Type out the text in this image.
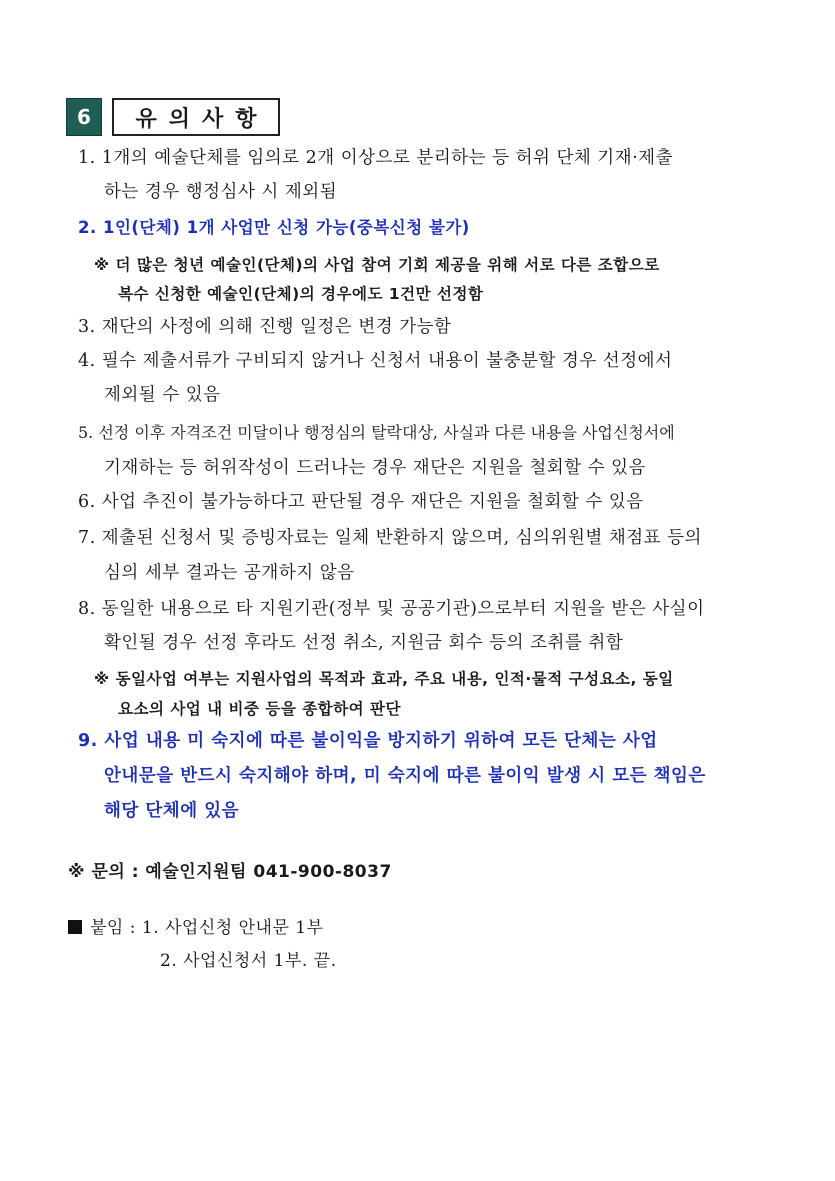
6	유의사항
1. 1개의 예술단체를 임의로 2개 이상으로 분리하는 등 허위 단체 기재·제출
하는 경우 행정심사 시 제외됨
2. 1인(단체) 1개 사업만 신청 가능(중복신청 불가)
※ 더 많은 청년 예술인(단체)의 사업 참여 기회 제공을 위해 서로 다른 조합으로
복수 신청한 예술인(단체)의 경우에도 1건만 선정함
3. 재단의 사정에 의해 진행 일정은 변경 가능함
4. 필수 제출서류가 구비되지 않거나 신청서 내용이 불충분할 경우 선정에서
제외될 수 있음
5. 선정 이후 자격조건 미달이나 행정심의 탈락대상, 사실과 다른 내용을 사업신청서에
기재하는 등 허위작성이 드러나는 경우 재단은 지원을 철회할 수 있음
6. 사업 추진이 불가능하다고 판단될 경우 재단은 지원을 철회할 수 있음
7. 제출된 신청서 및 증빙자료는 일체 반환하지 않으며, 심의위원별 채점표 등의
심의 세부 결과는 공개하지 않음
8. 동일한 내용으로 타 지원기관(정부 및 공공기관)으로부터 지원을 받은 사실이
확인될 경우 선정 후라도 선정 취소, 지원금 회수 등의 조취를 취함
※ 동일사업 여부는 지원사업의 목적과 효과, 주요 내용, 인적·물적 구성요소, 동일
요소의 사업 내 비중 등을 종합하여 판단
9. 사업 내용 미 숙지에 따른 불이익을 방지하기 위하여 모든 단체는 사업
안내문을 반드시 숙지해야 하며, 미 숙지에 따른 불이익 발생 시 모든 책임은
해당 단체에 있음
※ 문의 : 예술인지원팀 041-900-8037
붙임 : 1. 사업신청 안내문 1부
2. 사업신청서 1부. 끝.
